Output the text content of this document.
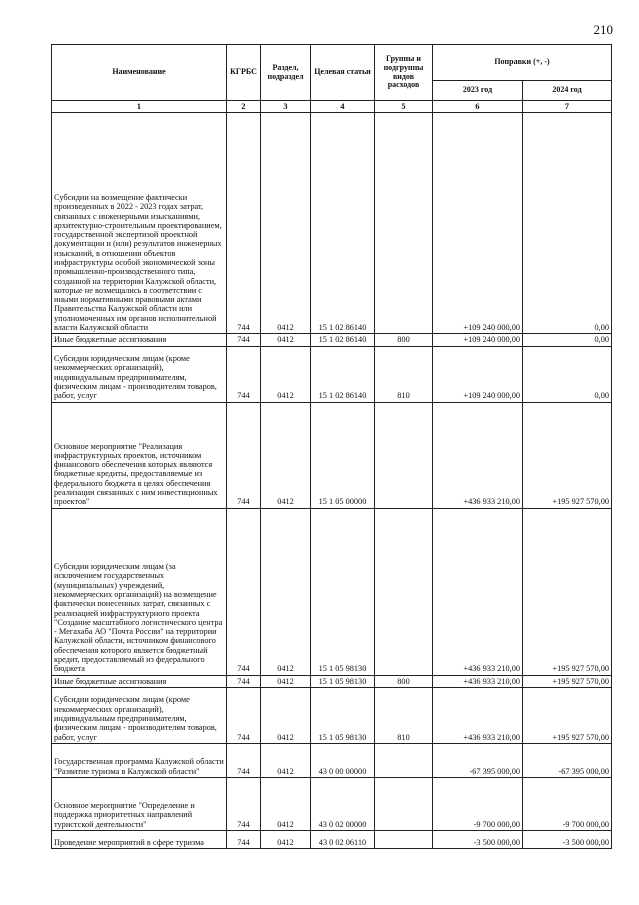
210
Наименование	КГРБС	Раздел, подраздел	Целевая статьи	Группы и подгруппы видов расходов	Поправки (+, -)	
					2023 год	2024 год
1	2	3	4	5	6	7
Субсидии на возмещение фактически произведенных в 2022 - 2023 годах затрат, связанных с инженерными изысканиями, архитектурно-строительным проектированием, государственной экспертизой проектной документации и (или) результатов инженерных изысканий, в отношении объектов инфраструктуры особой экономической зоны промышленно-производственного типа, созданной на территории Калужской области, которые не возмещались в соответствии с иными нормативными правовыми актами Правительства Калужской области или уполномоченных им органов исполнительной власти Калужской области	744	0412	15 1 02 86140		+109 240 000,00	0,00
Иные бюджетные ассигнования	744	0412	15 1 02 86140	800	+109 240 000,00	0,00
Субсидии юридическим лицам (кроме некоммерческих организаций), индивидуальным предпринимателям, физическим лицам - производителям товаров, работ, услуг	744	0412	15 1 02 86140	810	+109 240 000,00	0,00
Основное мероприятие "Реализация инфраструктурных проектов, источником финансового обеспечения которых являются бюджетные кредиты, предоставляемые из федерального бюджета в целях обеспечения реализации связанных с ним инвестиционных проектов"	744	0412	15 1 05 00000		+436 933 210,00	+195 927 570,00
Субсидии юридическим лицам (за исключением государственных (муниципальных) учреждений, некоммерческих организаций) на возмещение фактически понесенных затрат, связанных с реализацией инфраструктурного проекта "Создание масштабного логистического центра - Мегахаба АО "Почта России" на территории Калужской области, источником финансового обеспечения которого является бюджетный кредит, предоставляемый из федерального бюджета	744	0412	15 1 05 98130		+436 933 210,00	+195 927 570,00
Иные бюджетные ассигнования	744	0412	15 1 05 98130	800	+436 933 210,00	+195 927 570,00
Субсидии юридическим лицам (кроме некоммерческих организаций), индивидуальным предпринимателям, физическим лицам - производителям товаров, работ, услуг	744	0412	15 1 05 98130	810	+436 933 210,00	+195 927 570,00
Государственная программа Калужской области "Развитие туризма в Калужской области"	744	0412	43 0 00 00000		-67 395 000,00	-67 395 000,00
Основное мероприятие "Определение и поддержка приоритетных направлений туристской деятельности"	744	0412	43 0 02 00000		-9 700 000,00	-9 700 000,00
Проведение мероприятий в сфере туризма	744	0412	43 0 02 06110		-3 500 000,00	-3 500 000,00
